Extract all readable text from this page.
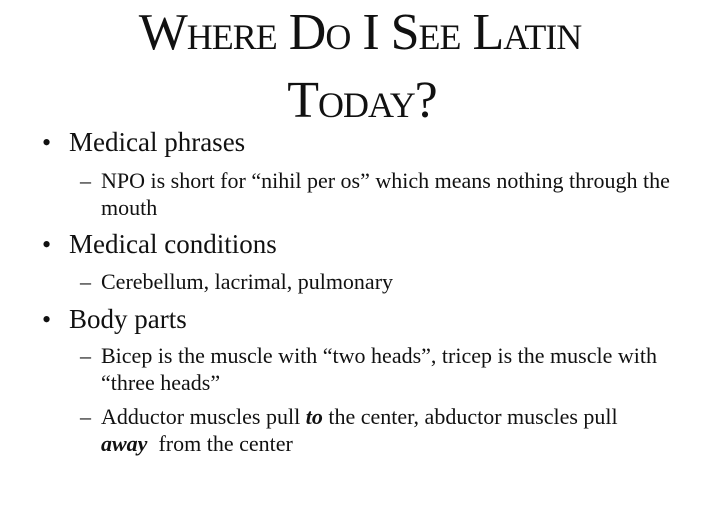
Where Do I See Latin
Today?
• Medical phrases
– NPO is short for “nihil per os” which means nothing through the mouth
• Medical conditions
– Cerebellum, lacrimal, pulmonary
• Body parts
– Bicep is the muscle with “two heads”, tricep is the muscle with “three heads”
– Adductor muscles pull to the center, abductor muscles pull away from the center
